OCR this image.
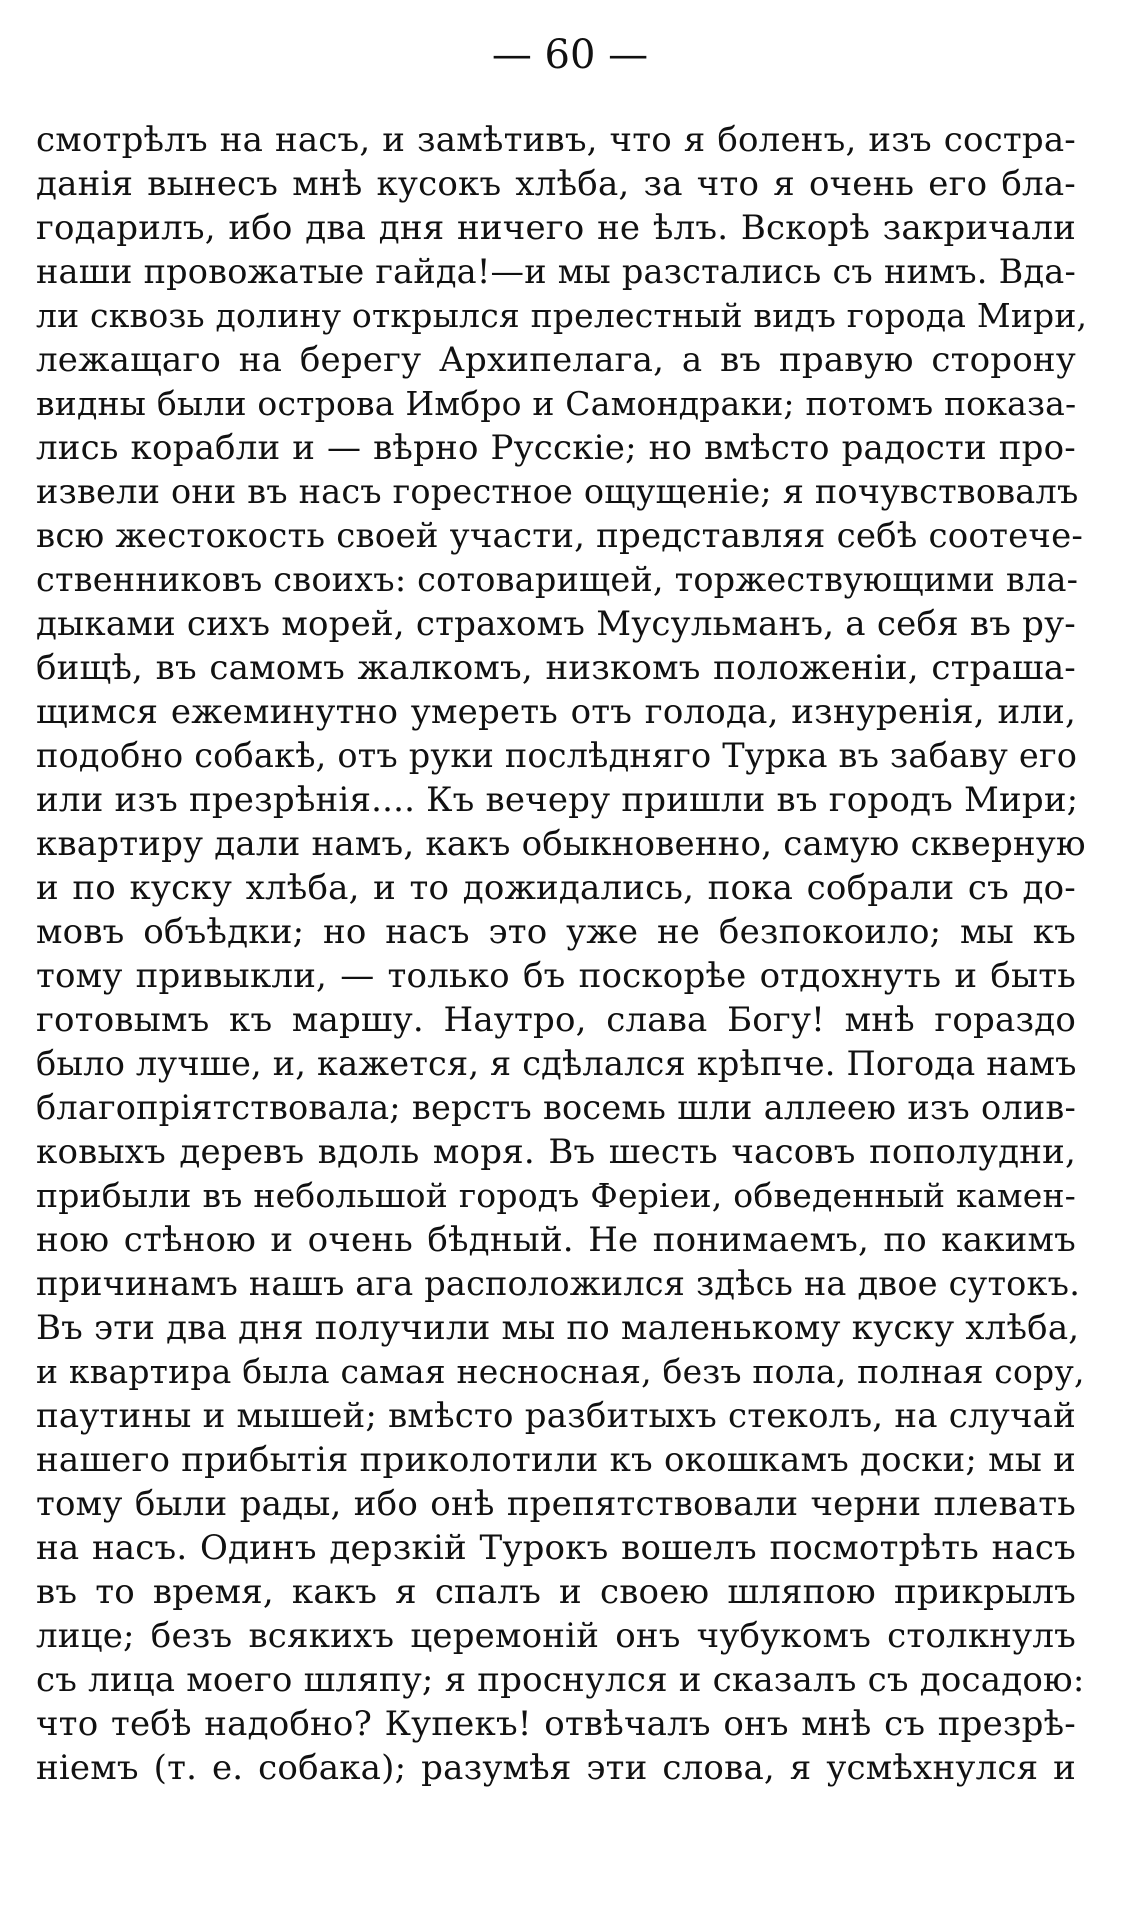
— 60 —
смотрѣлъ на насъ, и замѣтивъ, что я боленъ, изъ состра-
данія вынесъ мнѣ кусокъ хлѣба, за что я очень его бла-
годарилъ, ибо два дня ничего не ѣлъ. Вскорѣ закричали
наши провожатые гайда!—и мы разстались съ нимъ. Вда-
ли сквозь долину открылся прелестный видъ города Мири,
лежащаго на берегу Архипелага, а въ правую сторону
видны были острова Имбро и Самондраки; потомъ показа-
лись корабли и — вѣрно Русскіе; но вмѣсто радости про-
извели они въ насъ горестное ощущеніе; я почувствовалъ
всю жестокость своей участи, представляя себѣ соотече-
ственниковъ своихъ: сотоварищей, торжествующими вла-
дыками сихъ морей, страхомъ Мусульманъ, а себя въ ру-
бищѣ, въ самомъ жалкомъ, низкомъ положеніи, страша-
щимся ежеминутно умереть отъ голода, изнуренія, или,
подобно собакѣ, отъ руки послѣдняго Турка въ забаву его
или изъ презрѣнія.... Къ вечеру пришли въ городъ Мири;
квартиру дали намъ, какъ обыкновенно, самую скверную
и по куску хлѣба, и то дожидались, пока собрали съ до-
мовъ объѣдки; но насъ это уже не безпокоило; мы къ
тому привыкли, — только бъ поскорѣе отдохнуть и быть
готовымъ къ маршу. Наутро, слава Богу! мнѣ гораздо
было лучше, и, кажется, я сдѣлался крѣпче. Погода намъ
благопріятствовала; верстъ восемь шли аллеею изъ олив-
ковыхъ деревъ вдоль моря. Въ шесть часовъ пополудни,
прибыли въ небольшой городъ Феріеи, обведенный камен-
ною стѣною и очень бѣдный. Не понимаемъ, по какимъ
причинамъ нашъ ага расположился здѣсь на двое сутокъ.
Въ эти два дня получили мы по маленькому куску хлѣба,
и квартира была самая несносная, безъ пола, полная сору,
паутины и мышей; вмѣсто разбитыхъ стеколъ, на случай
нашего прибытія приколотили къ окошкамъ доски; мы и
тому были рады, ибо онѣ препятствовали черни плевать
на насъ. Одинъ дерзкій Турокъ вошелъ посмотрѣть насъ
въ то время, какъ я спалъ и своею шляпою прикрылъ
лице; безъ всякихъ церемоній онъ чубукомъ столкнулъ
съ лица моего шляпу; я проснулся и сказалъ съ досадою:
что тебѣ надобно? Купекъ! отвѣчалъ онъ мнѣ съ презрѣ-
ніемъ (т. е. собака); разумѣя эти слова, я усмѣхнулся и
